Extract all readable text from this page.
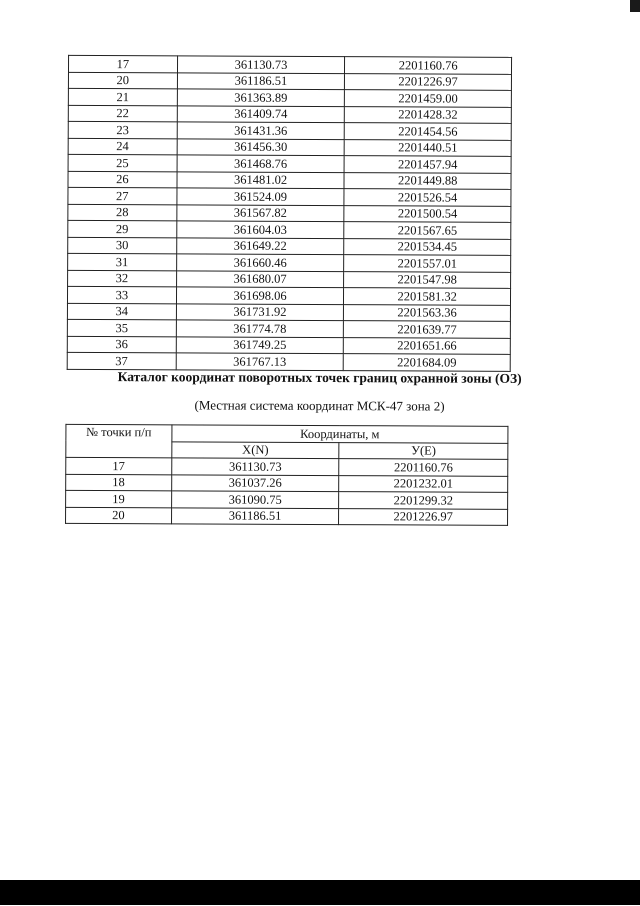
17	361130.73	2201160.76
20	361186.51	2201226.97
21	361363.89	2201459.00
22	361409.74	2201428.32
23	361431.36	2201454.56
24	361456.30	2201440.51
25	361468.76	2201457.94
26	361481.02	2201449.88
27	361524.09	2201526.54
28	361567.82	2201500.54
29	361604.03	2201567.65
30	361649.22	2201534.45
31	361660.46	2201557.01
32	361680.07	2201547.98
33	361698.06	2201581.32
34	361731.92	2201563.36
35	361774.78	2201639.77
36	361749.25	2201651.66
37	361767.13	2201684.09
Каталог координат поворотных точек границ охранной зоны (ОЗ)
(Местная система координат МСК-47 зона 2)
№ точки п/п	Координаты, м	
	X(N)	У(E)
17	361130.73	2201160.76
18	361037.26	2201232.01
19	361090.75	2201299.32
20	361186.51	2201226.97
